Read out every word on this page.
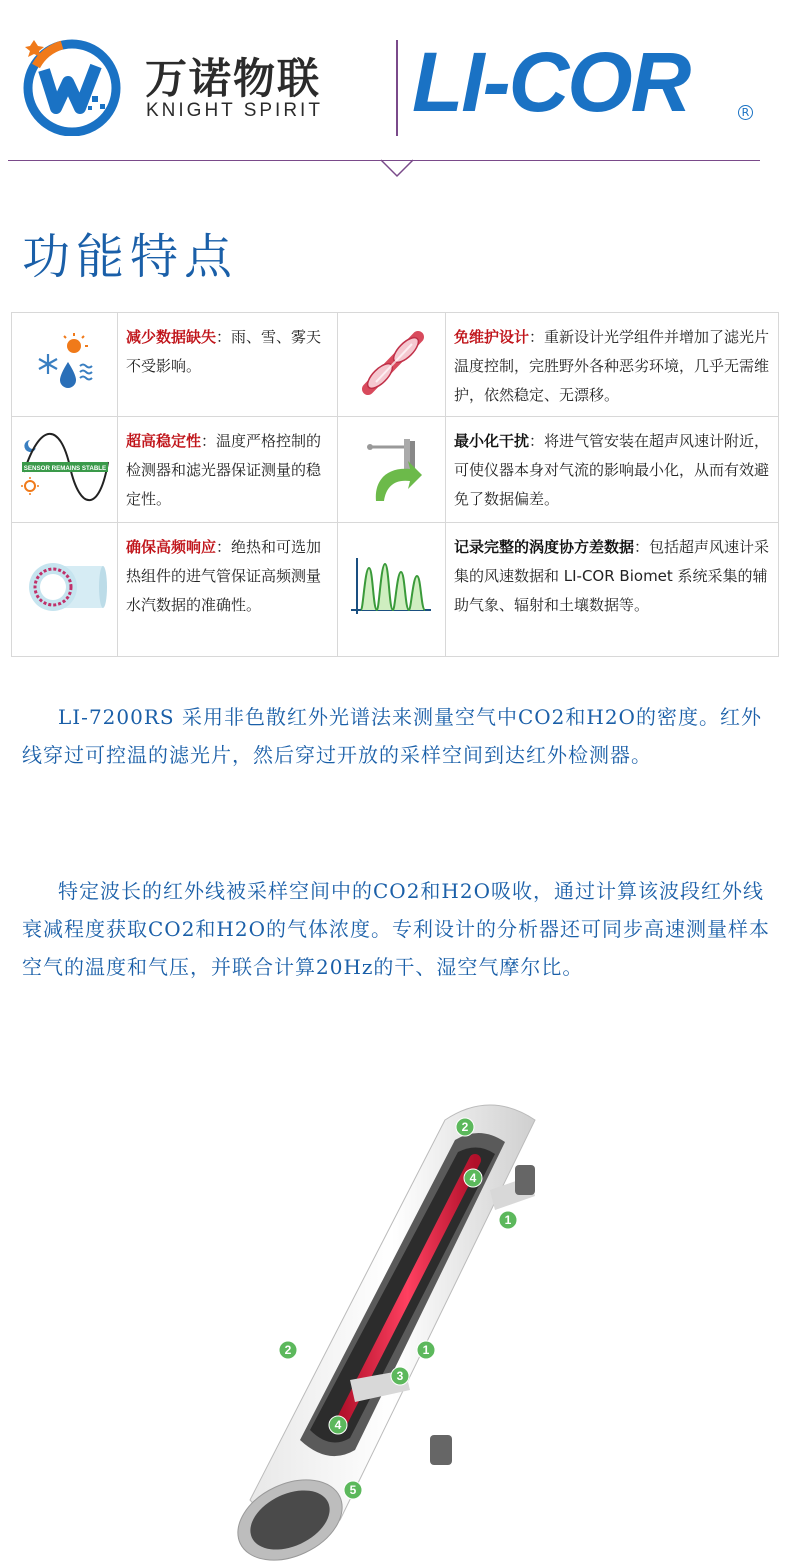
万诺物联
KNIGHT SPIRIT LI-COR	R
功能特点
	减少数据缺失：雨、雪、雾天不受影响。		免维护设计：重新设计光学组件并增加了滤光片温度控制，完胜野外各种恶劣环境，几乎无需维护，依然稳定、无漂移。

SENSOR REMAINS STABLE	超高稳定性：温度严格控制的检测器和滤光器保证测量的稳定性。		最小化干扰：将进气管安装在超声风速计附近，可使仪器本身对气流的影响最小化，从而有效避免了数据偏差。
	确保高频响应：绝热和可选加热组件的进气管保证高频测量水汽数据的准确性。		记录完整的涡度协方差数据：包括超声风速计采集的风速数据和 LI-COR Biomet 系统采集的辅助气象、辐射和土壤数据等。

LI-7200RS 采用非色散红外光谱法来测量空气中CO2和H2O的密度。红外线穿过可控温的滤光片，然后穿过开放的采样空间到达红外检测器。

特定波长的红外线被采样空间中的CO2和H2O吸收，通过计算该波段红外线衰减程度获取CO2和H2O的气体浓度。专利设计的分析器还可同步高速测量样本空气的温度和气压，并联合计算20Hz的干、湿空气摩尔比。

1
1
2
2
3
4
4
5
